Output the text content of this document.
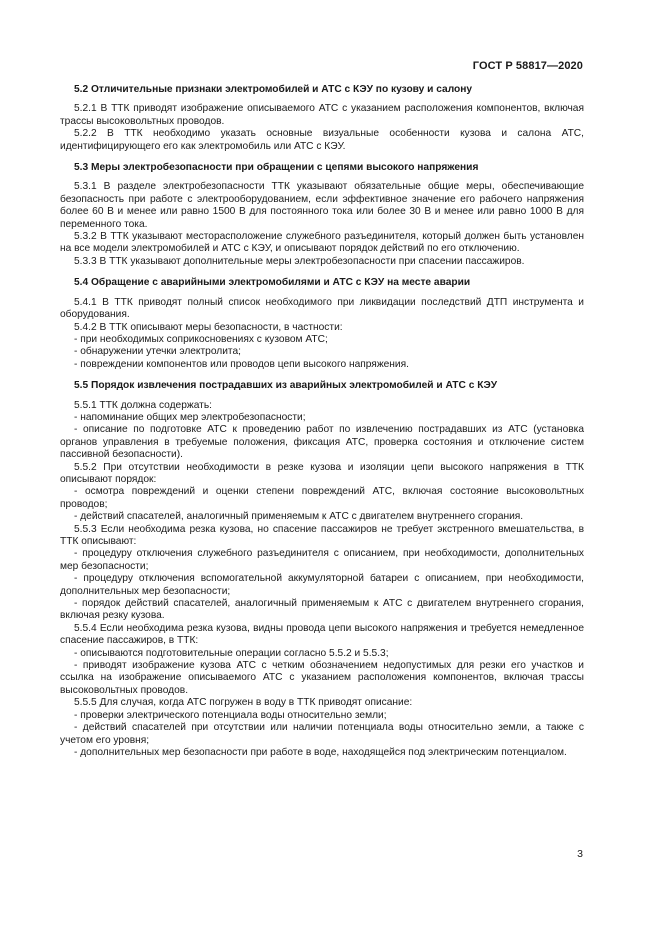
ГОСТ Р 58817—2020
5.2 Отличительные признаки электромобилей и АТС с КЭУ по кузову и салону

5.2.1 В ТТК приводят изображение описываемого АТС с указанием расположения компонентов, включая трассы высоковольтных проводов.

5.2.2 В ТТК необходимо указать основные визуальные особенности кузова и салона АТС, идентифицирующего его как электромобиль или АТС с КЭУ.

5.3 Меры электробезопасности при обращении с цепями высокого напряжения

5.3.1 В разделе электробезопасности ТТК указывают обязательные общие меры, обеспечивающие безопасность при работе с электрооборудованием, если эффективное значение его рабочего напряжения более 60 В и менее или равно 1500 В для постоянного тока или более 30 В и менее или равно 1000 В для переменного тока.

5.3.2 В ТТК указывают месторасположение служебного разъединителя, который должен быть установлен на все модели электромобилей и АТС с КЭУ, и описывают порядок действий по его отключению.

5.3.3 В ТТК указывают дополнительные меры электробезопасности при спасении пассажиров.

5.4 Обращение с аварийными электромобилями и АТС с КЭУ на месте аварии

5.4.1 В ТТК приводят полный список необходимого при ликвидации последствий ДТП инструмента и оборудования.

5.4.2 В ТТК описывают меры безопасности, в частности:

- при необходимых соприкосновениях с кузовом АТС;

- обнаружении утечки электролита;

- повреждении компонентов или проводов цепи высокого напряжения.

5.5 Порядок извлечения пострадавших из аварийных электромобилей и АТС с КЭУ

5.5.1 ТТК должна содержать:

- напоминание общих мер электробезопасности;

- описание по подготовке АТС к проведению работ по извлечению пострадавших из АТС (установка органов управления в требуемые положения, фиксация АТС, проверка состояния и отключение систем пассивной безопасности).

5.5.2 При отсутствии необходимости в резке кузова и изоляции цепи высокого напряжения в ТТК описывают порядок:

- осмотра повреждений и оценки степени повреждений АТС, включая состояние высоковольтных проводов;

- действий спасателей, аналогичный применяемым к АТС с двигателем внутреннего сгорания.

5.5.3 Если необходима резка кузова, но спасение пассажиров не требует экстренного вмешательства, в ТТК описывают:

- процедуру отключения служебного разъединителя с описанием, при необходимости, дополнительных мер безопасности;

- процедуру отключения вспомогательной аккумуляторной батареи с описанием, при необходимости, дополнительных мер безопасности;

- порядок действий спасателей, аналогичный применяемым к АТС с двигателем внутреннего сгорания, включая резку кузова.

5.5.4 Если необходима резка кузова, видны провода цепи высокого напряжения и требуется немедленное спасение пассажиров, в ТТК:

- описываются подготовительные операции согласно 5.5.2 и 5.5.3;

- приводят изображение кузова АТС с четким обозначением недопустимых для резки его участков и ссылка на изображение описываемого АТС с указанием расположения компонентов, включая трассы высоковольтных проводов.

5.5.5 Для случая, когда АТС погружен в воду в ТТК приводят описание:

- проверки электрического потенциала воды относительно земли;

- действий спасателей при отсутствии или наличии потенциала воды относительно земли, а также с учетом его уровня;

- дополнительных мер безопасности при работе в воде, находящейся под электрическим потенциалом.

3
